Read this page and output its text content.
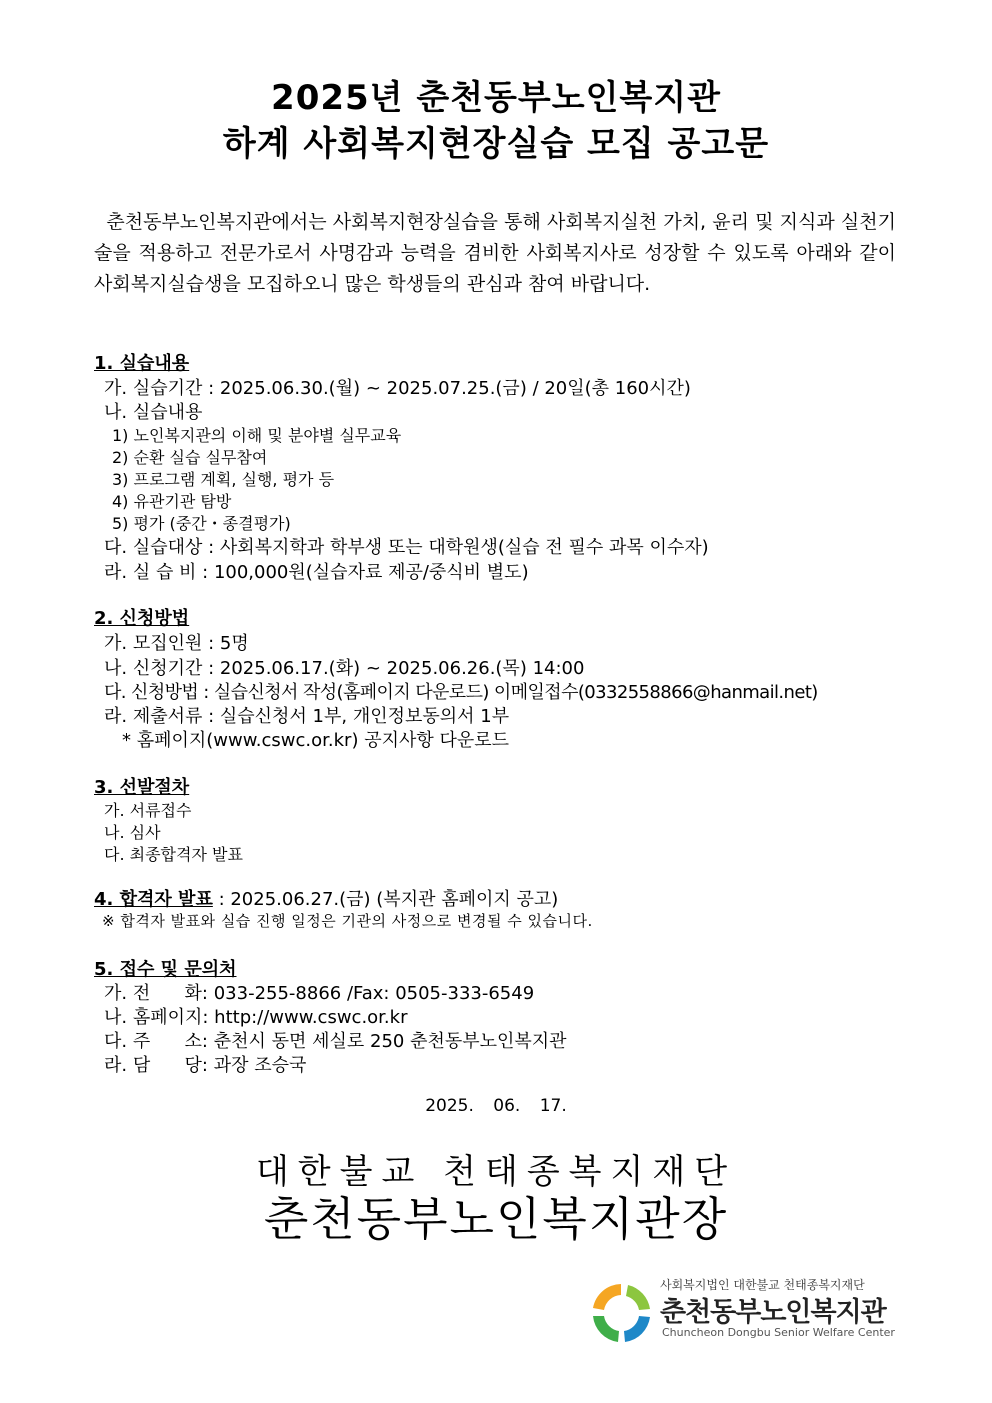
2025년 춘천동부노인복지관
하계 사회복지현장실습 모집 공고문
춘천동부노인복지관에서는 사회복지현장실습을 통해 사회복지실천 가치, 윤리 및 지식과 실천기술을 적용하고 전문가로서 사명감과 능력을 겸비한 사회복지사로 성장할 수 있도록 아래와 같이 사회복지실습생을 모집하오니 많은 학생들의 관심과 참여 바랍니다.
1. 실습내용
가. 실습기간 : 2025.06.30.(월) ~ 2025.07.25.(금) / 20일(총 160시간)
나. 실습내용
1) 노인복지관의 이해 및 분야별 실무교육
2) 순환 실습 실무참여
3) 프로그램 계획, 실행, 평가 등
4) 유관기관 탐방
5) 평가 (중간・종결평가)
다. 실습대상 : 사회복지학과 학부생 또는 대학원생(실습 전 필수 과목 이수자)
라. 실 습 비 : 100,000원(실습자료 제공/중식비 별도)
2. 신청방법
가. 모집인원 : 5명
나. 신청기간 : 2025.06.17.(화) ~ 2025.06.26.(목) 14:00
다. 신청방법 : 실습신청서 작성(홈페이지 다운로드) 이메일접수(0332558866@hanmail.net)
라. 제출서류 : 실습신청서 1부, 개인정보동의서 1부
* 홈페이지(www.cswc.or.kr) 공지사항 다운로드
3. 선발절차
가. 서류접수
나. 심사
다. 최종합격자 발표
4. 합격자 발표 : 2025.06.27.(금) (복지관 홈페이지 공고)
※ 합격자 발표와 실습 진행 일정은 기관의 사정으로 변경될 수 있습니다.
5. 접수 및 문의처
가. 전      화: 033-255-8866 /Fax: 0505-333-6549
나. 홈페이지: http://www.cswc.or.kr
다. 주      소: 춘천시 동면 세실로 250 춘천동부노인복지관
라. 담      당: 과장 조승국
2025. 06. 17.
대한불교 천태종복지재단
춘천동부노인복지관장
사회복지법인 대한불교 천태종복지재단
춘천동부노인복지관
Chuncheon Dongbu Senior Welfare Center
